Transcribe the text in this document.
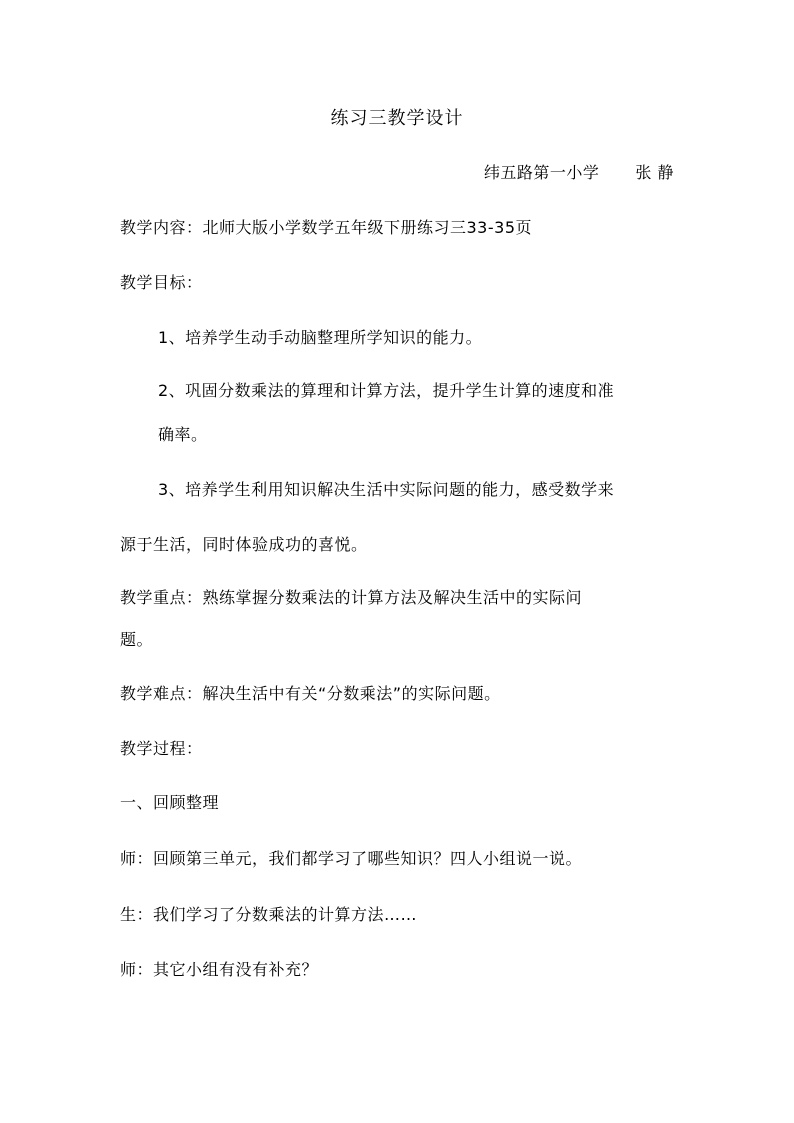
练习三教学设计
纬五路第一小学 张 静
教学内容：北师大版小学数学五年级下册练习三33-35页
教学目标：
1、培养学生动手动脑整理所学知识的能力。
2、巩固分数乘法的算理和计算方法，提升学生计算的速度和准
确率。
3、培养学生利用知识解决生活中实际问题的能力，感受数学来
源于生活，同时体验成功的喜悦。
教学重点：熟练掌握分数乘法的计算方法及解决生活中的实际问
题。
教学难点：解决生活中有关“分数乘法”的实际问题。
教学过程：
一、回顾整理
师：回顾第三单元，我们都学习了哪些知识？四人小组说一说。
生：我们学习了分数乘法的计算方法……
师：其它小组有没有补充？
